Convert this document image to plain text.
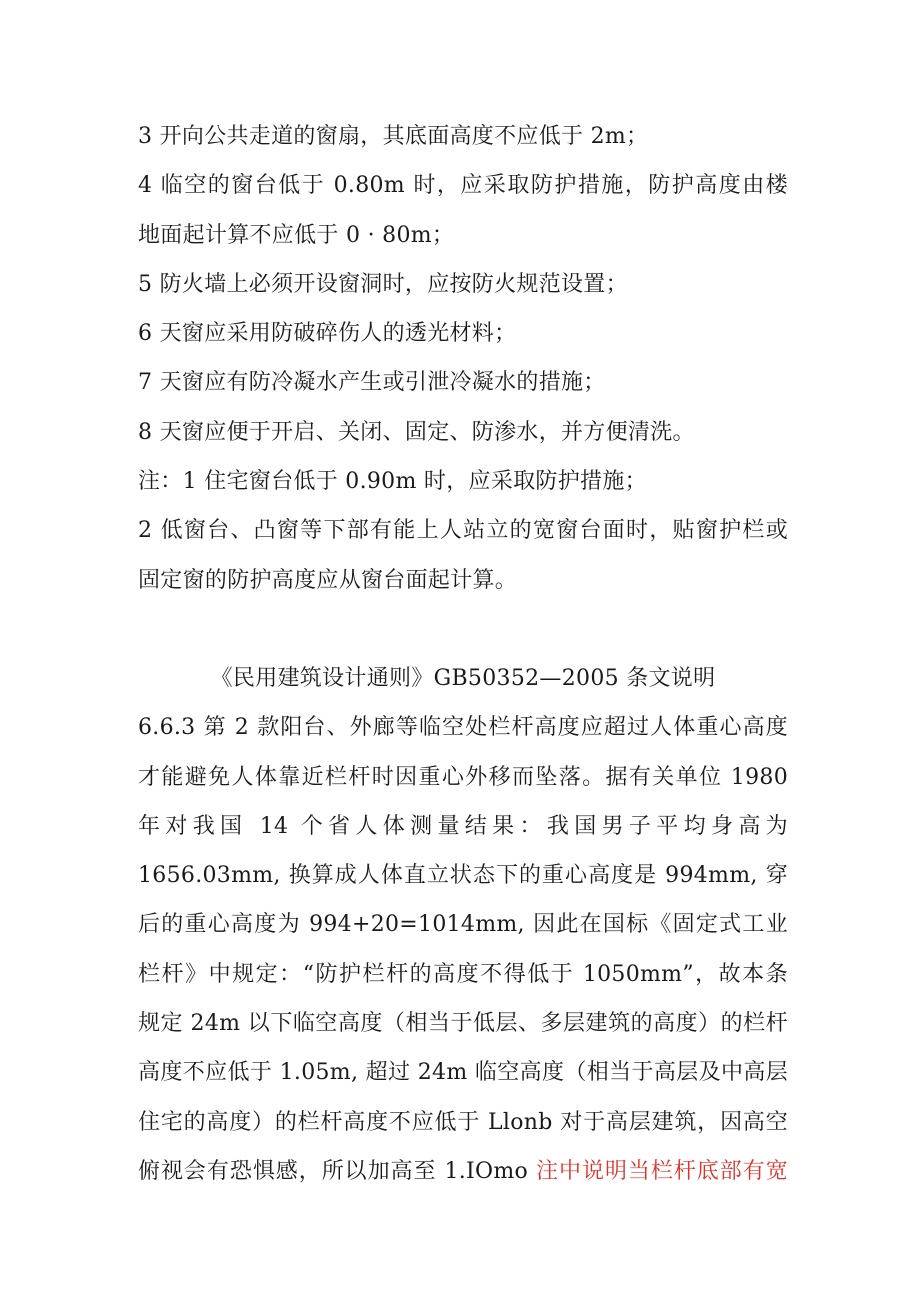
3 开向公共走道的窗扇，其底面高度不应低于 2m；
4 临空的窗台低于 0.80m 时，应采取防护措施，防护高度由楼
地面起计算不应低于 0 · 80m；
5 防火墙上必须开设窗洞时，应按防火规范设置；
6 天窗应采用防破碎伤人的透光材料；
7 天窗应有防冷凝水产生或引泄冷凝水的措施；
8 天窗应便于开启、关闭、固定、防渗水，并方便清洗。
注：1 住宅窗台低于 0.90m 时，应采取防护措施；
2 低窗台、凸窗等下部有能上人站立的宽窗台面时，贴窗护栏或
固定窗的防护高度应从窗台面起计算。
《民用建筑设计通则》GB50352—2005 条文说明
6.6.3 第 2 款阳台、外廊等临空处栏杆高度应超过人体重心高度
才能避免人体靠近栏杆时因重心外移而坠落。据有关单位 1980
年对我国 14 个省人体测量结果：我国男子平均身高为
1656.03mm, 换算成人体直立状态下的重心高度是 994mm, 穿
后的重心高度为 994+20=1014mm, 因此在国标《固定式工业
栏杆》中规定：“防护栏杆的高度不得低于 1050mm”，故本条
规定 24m 以下临空高度（相当于低层、多层建筑的高度）的栏杆
高度不应低于 1.05m, 超过 24m 临空高度（相当于高层及中高层
住宅的高度）的栏杆高度不应低于 Llonb 对于高层建筑，因高空
俯视会有恐惧感，所以加高至 1.IOmo 注中说明当栏杆底部有宽
